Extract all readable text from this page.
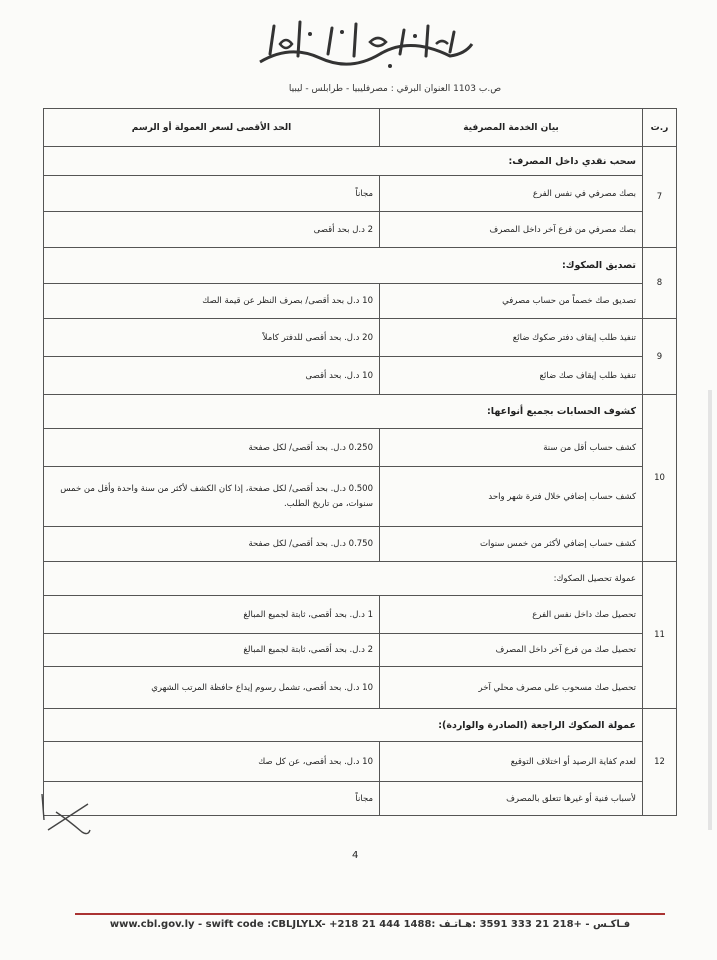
ص.ب 1103 العنوان البرقي : مصرفليبيا - طرابلس - ليبيا
ر.ت	بيان الخدمة المصرفية	الحد الأقصى لسعر العمولة أو الرسم
7	سحب نقدي داخل المصرف:	
	بصك مصرفي في نفس الفرع	مجاناً
	بصك مصرفي من فرع آخر داخل المصرف	2 د.ل بحد أقصى
8	تصديق الصكوك:	
	تصديق صك خصماً من حساب مصرفي	10 د.ل بحد أقصى/ بصرف النظر عن قيمة الصك
9	تنفيذ طلب إيقاف دفتر صكوك ضائع	20 د.ل. بحد أقصى للدفتر كاملاً
	تنفيذ طلب إيقاف صك ضائع	10 د.ل. بحد أقصى
10	كشوف الحسابات بجميع أنواعها:	
	كشف حساب أقل من سنة	0.250 د.ل. بحد أقصى/ لكل صفحة
	كشف حساب إضافي خلال فترة شهر واحد	0.500 د.ل. بحد أقصى/ لكل صفحة، إذا كان الكشف لأكثر من سنة واحدة وأقل من خمس سنوات، من تاريخ الطلب.
	كشف حساب إضافي لأكثر من خمس سنوات	0.750 د.ل. بحد أقصى/ لكل صفحة
11	عمولة تحصيل الصكوك:	
	تحصيل صك داخل نفس الفرع	1 د.ل. بحد أقصى، ثابتة لجميع المبالغ
	تحصيل صك من فرع آخر داخل المصرف	2 د.ل. بحد أقصى، ثابتة لجميع المبالغ
	تحصيل صك مسحوب على مصرف محلي آخر	10 د.ل. بحد أقصى، تشمل رسوم إيداع حافظة المرتب الشهري
12	عمولة الصكوك الراجعة (الصادرة والواردة):	
	لعدم كفاية الرصيد أو اختلاف التوقيع	10 د.ل. بحد أقصى، عن كل صك
	لأسباب فنية أو غيرها تتعلق بالمصرف	مجاناً
4
www.cbl.gov.ly - swift code :CBLJLYLX- +218 21 444 1488: فـاكـس - +218 21 333 3591 :هـاتـف
